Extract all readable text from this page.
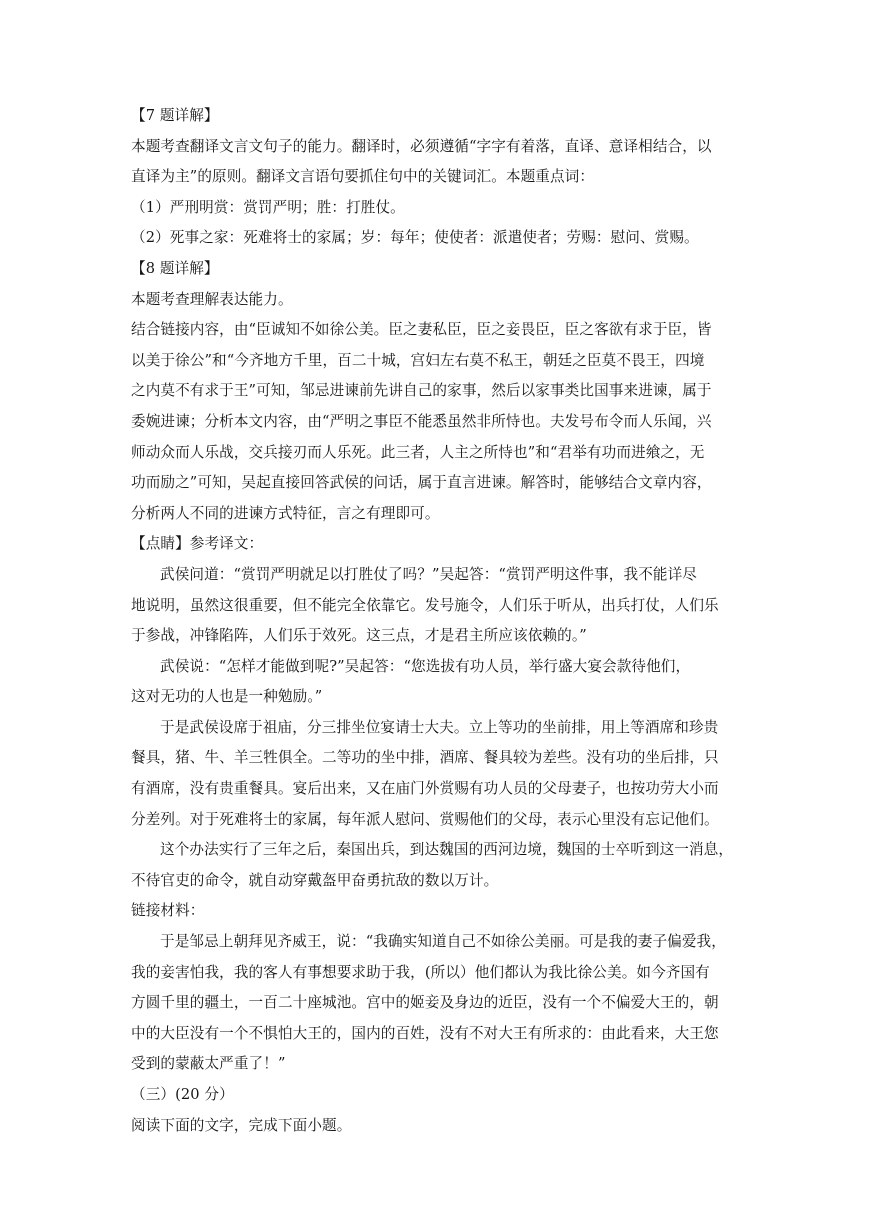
【7 题详解】
本题考查翻译文言文句子的能力。翻译时，必须遵循“字字有着落，直译、意译相结合，以
直译为主”的原则。翻译文言语句要抓住句中的关键词汇。本题重点词：
（1）严刑明赏：赏罚严明；胜：打胜仗。
（2）死事之家：死难将士的家属；岁：每年；使使者：派遣使者；劳赐：慰问、赏赐。
【8 题详解】
本题考查理解表达能力。
结合链接内容，由“臣诚知不如徐公美。臣之妻私臣，臣之妾畏臣，臣之客欲有求于臣，皆
以美于徐公”和“今齐地方千里，百二十城，宫妇左右莫不私王，朝廷之臣莫不畏王，四境
之内莫不有求于王”可知，邹忌进谏前先讲自己的家事，然后以家事类比国事来进谏，属于
委婉进谏；分析本文内容，由“严明之事臣不能悉虽然非所恃也。夫发号布令而人乐闻，兴
师动众而人乐战，交兵接刃而人乐死。此三者，人主之所恃也”和“君举有功而进飨之，无
功而励之”可知，吴起直接回答武侯的问话，属于直言进谏。解答时，能够结合文章内容，
分析两人不同的进谏方式特征，言之有理即可。
【点睛】参考译文：
武侯问道：“赏罚严明就足以打胜仗了吗？”吴起答：“赏罚严明这件事，我不能详尽
地说明，虽然这很重要，但不能完全依靠它。发号施令，人们乐于听从，出兵打仗，人们乐
于参战，冲锋陷阵，人们乐于效死。这三点，才是君主所应该依赖的。”
武侯说：“怎样才能做到呢?”吴起答：“您选拔有功人员，举行盛大宴会款待他们，
这对无功的人也是一种勉励。”
于是武侯设席于祖庙，分三排坐位宴请士大夫。立上等功的坐前排，用上等酒席和珍贵
餐具，猪、牛、羊三牲俱全。二等功的坐中排，酒席、餐具较为差些。没有功的坐后排，只
有酒席，没有贵重餐具。宴后出来，又在庙门外赏赐有功人员的父母妻子，也按功劳大小而
分差列。对于死难将士的家属，每年派人慰问、赏赐他们的父母，表示心里没有忘记他们。
这个办法实行了三年之后，秦国出兵，到达魏国的西河边境，魏国的士卒听到这一消息，
不待官吏的命令，就自动穿戴盔甲奋勇抗敌的数以万计。
链接材料：
于是邹忌上朝拜见齐威王，说：“我确实知道自己不如徐公美丽。可是我的妻子偏爱我，
我的妾害怕我，我的客人有事想要求助于我，(所以）他们都认为我比徐公美。如今齐国有
方圆千里的疆土，一百二十座城池。宫中的姬妾及身边的近臣，没有一个不偏爱大王的，朝
中的大臣没有一个不惧怕大王的，国内的百姓，没有不对大王有所求的：由此看来，大王您
受到的蒙蔽太严重了！”
（三）(20 分）
阅读下面的文字，完成下面小题。
